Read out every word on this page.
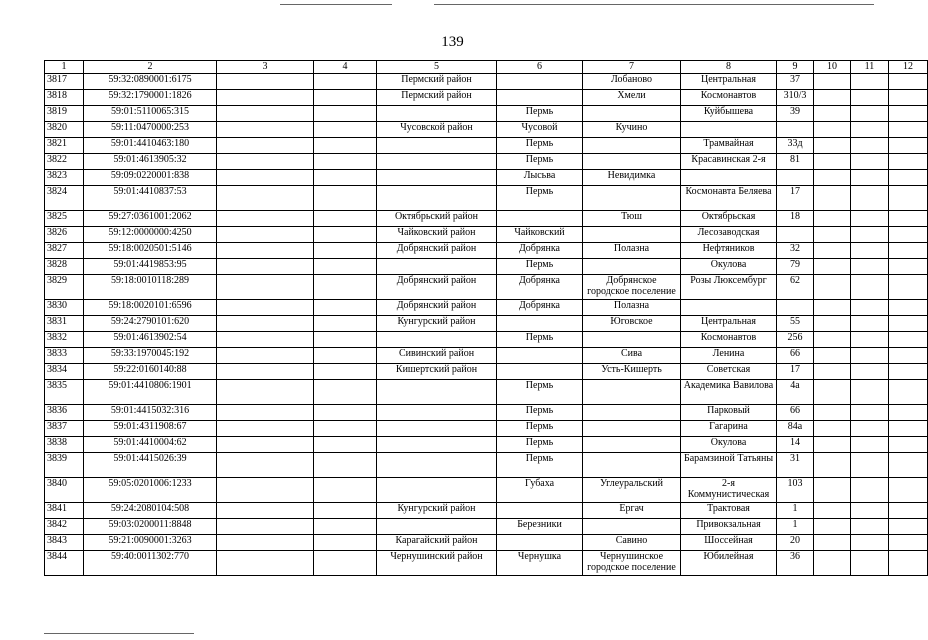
139
1	2	3	4	5	6	7	8	9	10	11	12
3817	59:32:0890001:6175			Пермский район		Лобаново	Центральная	37			
3818	59:32:1790001:1826			Пермский район		Хмели	Космонавтов	310/3			
3819	59:01:5110065:315				Пермь		Куйбышева	39			
3820	59:11:0470000:253			Чусовской район	Чусовой	Кучино					
3821	59:01:4410463:180				Пермь		Трамвайная	33д			
3822	59:01:4613905:32				Пермь		Красавинская 2-я	81			
3823	59:09:0220001:838				Лысьва	Невидимка					
3824	59:01:4410837:53				Пермь		Космонавта Беляева	17			
3825	59:27:0361001:2062			Октябрьский район		Тюш	Октябрьская	18			
3826	59:12:0000000:4250			Чайковский район	Чайковский		Лесозаводская				
3827	59:18:0020501:5146			Добрянский район	Добрянка	Полазна	Нефтяников	32			
3828	59:01:4419853:95				Пермь		Окулова	79			
3829	59:18:0010118:289			Добрянский район	Добрянка	Добрянское городское поселение	Розы Люксембург	62			
3830	59:18:0020101:6596			Добрянский район	Добрянка	Полазна					
3831	59:24:2790101:620			Кунгурский район		Юговское	Центральная	55			
3832	59:01:4613902:54				Пермь		Космонавтов	256			
3833	59:33:1970045:192			Сивинский район		Сива	Ленина	66			
3834	59:22:0160140:88			Кишертский район		Усть-Кишерть	Советская	17			
3835	59:01:4410806:1901				Пермь		Академика Вавилова	4а			
3836	59:01:4415032:316				Пермь		Парковый	66			
3837	59:01:4311908:67				Пермь		Гагарина	84а			
3838	59:01:4410004:62				Пермь		Окулова	14			
3839	59:01:4415026:39				Пермь		Барамзиной Татьяны	31			
3840	59:05:0201006:1233				Губаха	Углеуральский	2-я Коммунистическая	103			
3841	59:24:2080104:508			Кунгурский район		Ергач	Трактовая	1			
3842	59:03:0200011:8848				Березники		Привокзальная	1			
3843	59:21:0090001:3263			Карагайский район		Савино	Шоссейная	20			
3844	59:40:0011302:770			Чернушинский район	Чернушка	Чернушинское городское поселение	Юбилейная	36			
